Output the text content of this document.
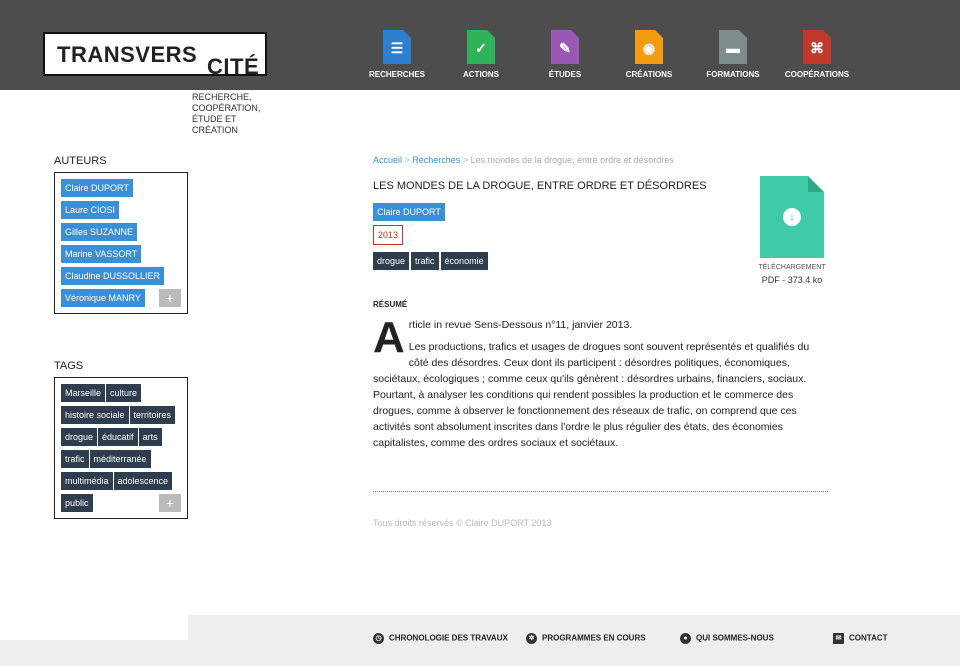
TRANSVERS CITÉ
RECHERCHE,
COOPÉRATION,
ÉTUDE ET
CRÉATION
☰
RECHERCHES
✓
ACTIONS
✎
ÉTUDES
◉
CRÉATIONS
▬
FORMATIONS
⌘
COOPÉRATIONS
AUTEURS
Claire DUPORT
Laure CIOSI
Gilles SUZANNE
Marine VASSORT
Claudine DUSSOLLIER
Véronique MANRY	+
TAGS
Marseille culture
histoire sociale territoires
drogue éducatif arts
trafic méditerranée
multimédia adolescence
public	+
Accueil > Recherches > Les mondes de la drogue, entre ordre et désordres
LES MONDES DE LA DROGUE, ENTRE ORDRE ET DÉSORDRES
Claire DUPORT
2013
drogue trafic économie
RÉSUMÉ
A rticle in revue Sens-Dessous n°11, janvier 2013.

Les productions, trafics et usages de drogues sont souvent représentés et qualifiés du côté des désordres. Ceux dont ils participent : désordres politiques, économiques, sociétaux, écologiques ; comme ceux qu'ils génèrent : désordres urbains, financiers, sociaux. Pourtant, à analyser les conditions qui rendent possibles la production et le commerce des drogues, comme à observer le fonctionnement des réseaux de trafic, on comprend que ces activités sont absolument inscrites dans l'ordre le plus régulier des états, des économies capitalistes, comme des ordres sociaux et sociétaux.

Tous droits réservés © Claire DUPORT 2013
↓
TÉLÉCHARGEMENT
PDF - 373.4 ko
◷ CHRONOLOGIE DES TRAVAUX	✲ PROGRAMMES EN COURS	● QUI SOMMES-NOUS	✉ CONTACT
